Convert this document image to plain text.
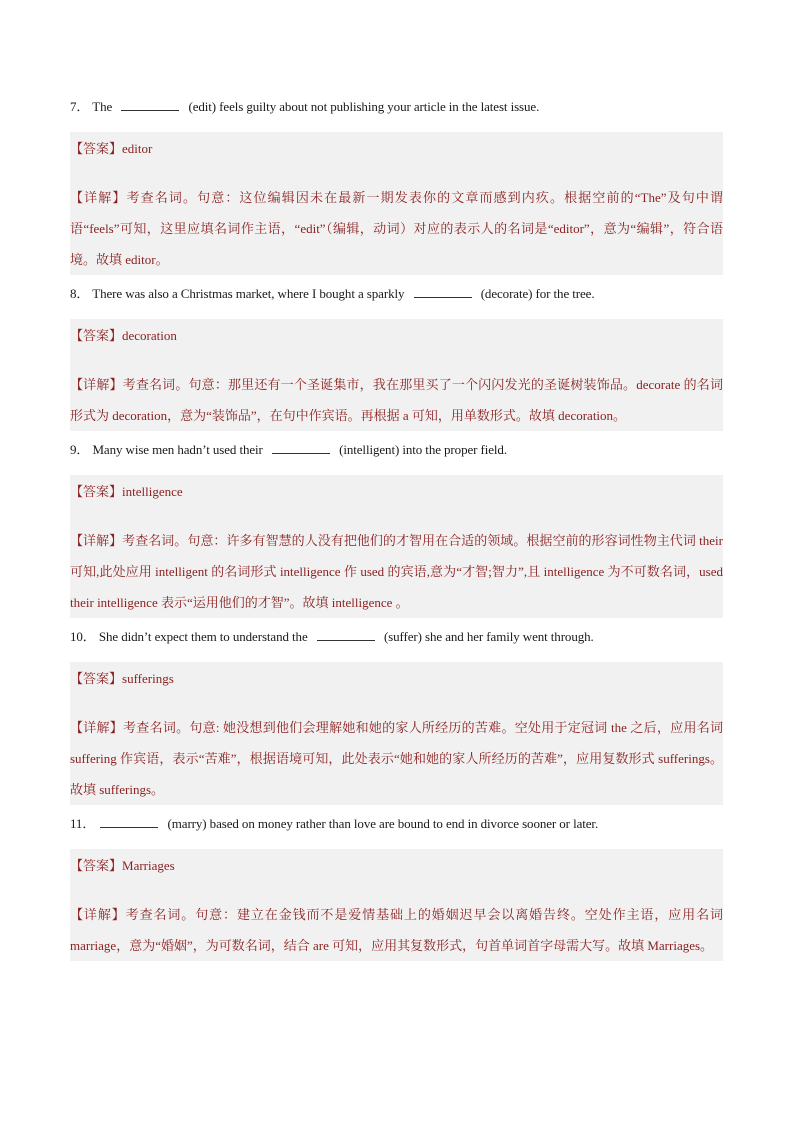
7． The	(edit) feels guilty about not publishing your article in the latest issue.

【答案】editor
【详解】考查名词。句意：这位编辑因未在最新一期发表你的文章而感到内疚。根据空前的“The”及句中谓语“feels”可知，这里应填名词作主语，“edit”（编辑，动词）对应的表示人的名词是“editor”，意为“编辑”，符合语境。故填 editor。

8． There was also a Christmas market, where I bought a sparkly	(decorate) for the tree.

【答案】decoration
【详解】考查名词。句意：那里还有一个圣诞集市，我在那里买了一个闪闪发光的圣诞树装饰品。decorate 的名词形式为 decoration，意为“装饰品”，在句中作宾语。再根据 a 可知，用单数形式。故填 decoration。

9． Many wise men hadn’t used their	(intelligent) into the proper field.

【答案】intelligence
【详解】考查名词。句意：许多有智慧的人没有把他们的才智用在合适的领域。根据空前的形容词性物主代词 their 可知,此处应用 intelligent 的名词形式 intelligence 作 used 的宾语,意为“才智;智力”,且 intelligence 为不可数名词，used their intelligence 表示“运用他们的才智”。故填 intelligence 。

10． She didn’t expect them to understand the	(suffer) she and her family went through.

【答案】sufferings
【详解】考查名词。句意: 她没想到他们会理解她和她的家人所经历的苦难。空处用于定冠词 the 之后，应用名词 suffering 作宾语，表示“苦难”，根据语境可知，此处表示“她和她的家人所经历的苦难”，应用复数形式 sufferings。故填 sufferings。

11．	(marry) based on money rather than love are bound to end in divorce sooner or later.

【答案】Marriages
【详解】考查名词。句意：建立在金钱而不是爱情基础上的婚姻迟早会以离婚告终。空处作主语，应用名词 marriage，意为“婚姻”，为可数名词，结合 are 可知，应用其复数形式，句首单词首字母需大写。故填 Marriages。
